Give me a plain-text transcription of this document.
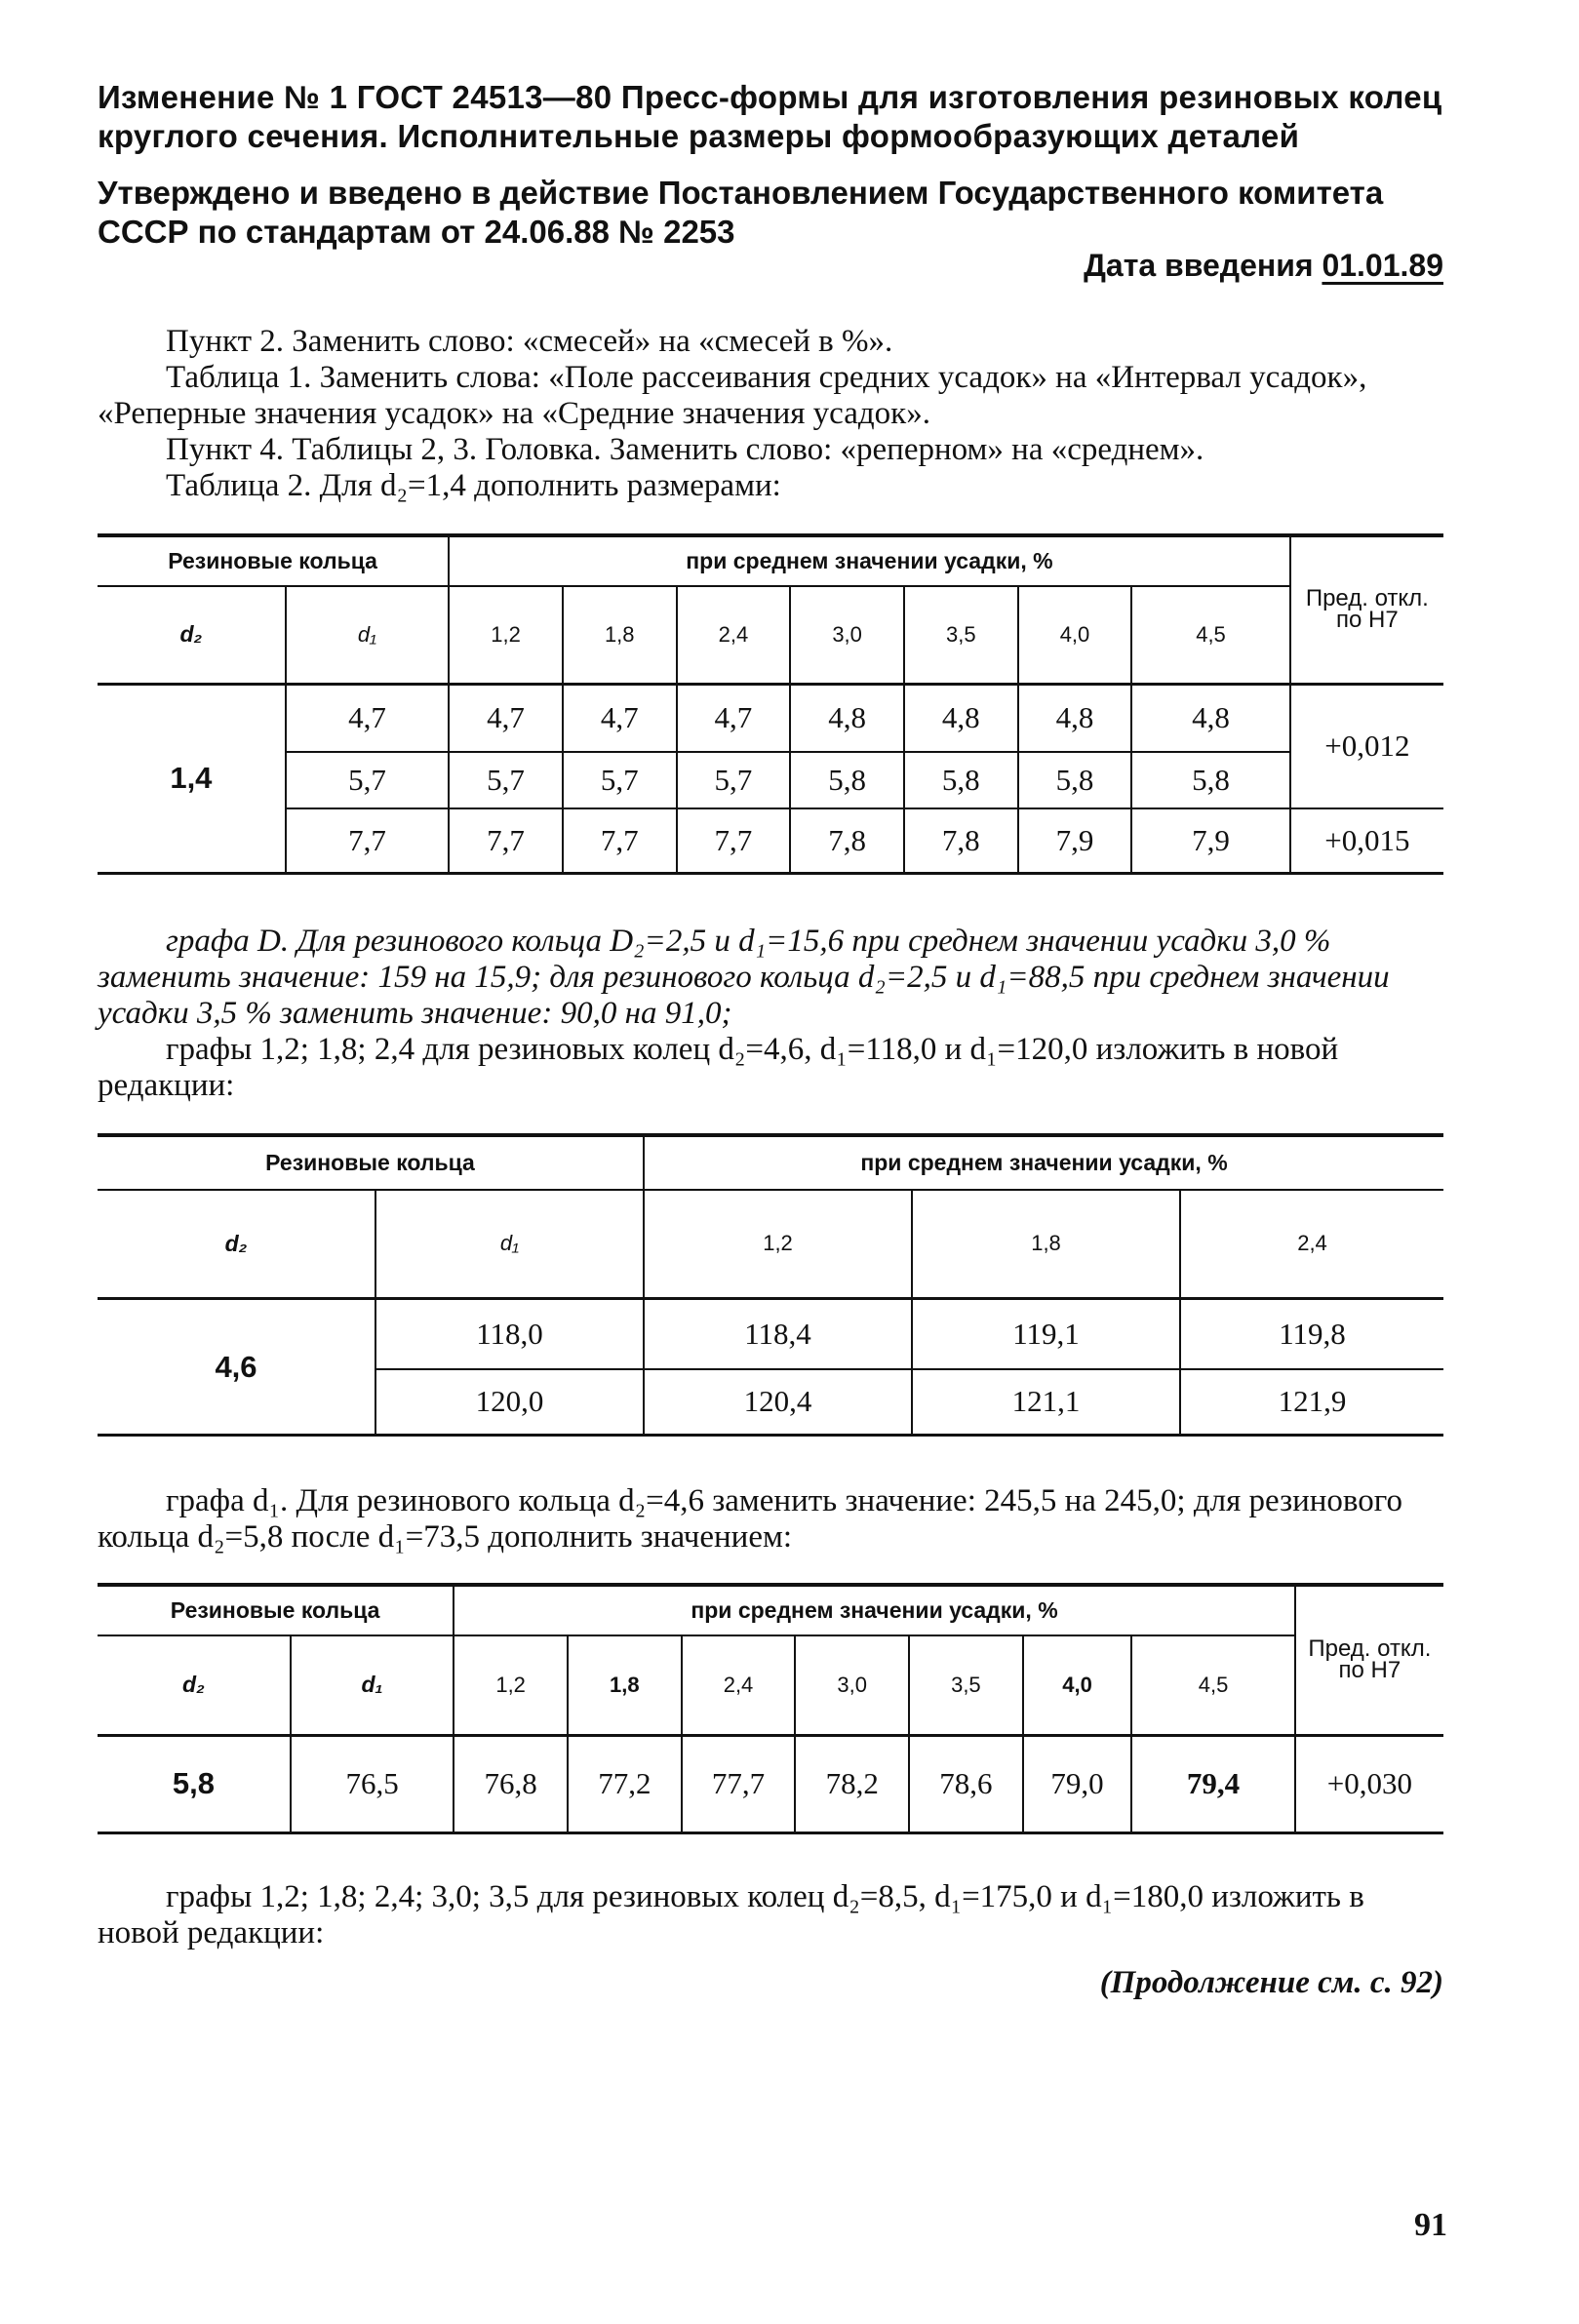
Изменение № 1 ГОСТ 24513—80 Пресс-формы для изготовления резиновых колец круглого сечения. Исполнительные размеры формообразующих деталей

Утверждено и введено в действие Постановлением Государственного комитета СССР по стандартам от 24.06.88 № 2253

Дата введения 01.01.89

Пункт 2. Заменить слово: «смесей» на «смесей в %».

Таблица 1. Заменить слова: «Поле рассеивания средних усадок» на «Интервал усадок», «Реперные значения усадок» на «Средние значения усадок».

Пункт 4. Таблицы 2, 3. Головка. Заменить слово: «реперном» на «среднем».

Таблица 2. Для d₂=1,4 дополнить размерами:

Резиновые кольца		при среднем значении усадки, %							Пред. откл. по H7
d₂	d₁	1,2	1,8	2,4	3,0	3,5	4,0	4,5	
1,4	4,7	4,7	4,7	4,7	4,8	4,8	4,8	4,8	+0,012
	5,7	5,7	5,7	5,7	5,8	5,8	5,8	5,8	
	7,7	7,7	7,7	7,7	7,8	7,8	7,9	7,9	+0,015

графа D. Для резинового кольца D₂=2,5 и d₁=15,6 при среднем значении усадки 3,0 % заменить значение: 159 на 15,9; для резинового кольца d₂=2,5 и d₁=88,5 при среднем значении усадки 3,5 % заменить значение: 90,0 на 91,0;

графы 1,2; 1,8; 2,4 для резиновых колец d₂=4,6, d₁=118,0 и d₁=120,0 изложить в новой редакции:

Резиновые кольца		при среднем значении усадки, %		
d₂	d₁	1,2	1,8	2,4
4,6	118,0	118,4	119,1	119,8
	120,0	120,4	121,1	121,9

графа d₁. Для резинового кольца d₂=4,6 заменить значение: 245,5 на 245,0; для резинового кольца d₂=5,8 после d₁=73,5 дополнить значением:

Резиновые кольца		при среднем значении усадки, %							Пред. откл. по H7
d₂	d₁	1,2	1,8	2,4	3,0	3,5	4,0	4,5	
5,8	76,5	76,8	77,2	77,7	78,2	78,6	79,0	79,4	+0,030

графы 1,2; 1,8; 2,4; 3,0; 3,5 для резиновых колец d₂=8,5, d₁=175,0 и d₁=180,0 изложить в новой редакции:

(Продолжение см. с. 92)

91
